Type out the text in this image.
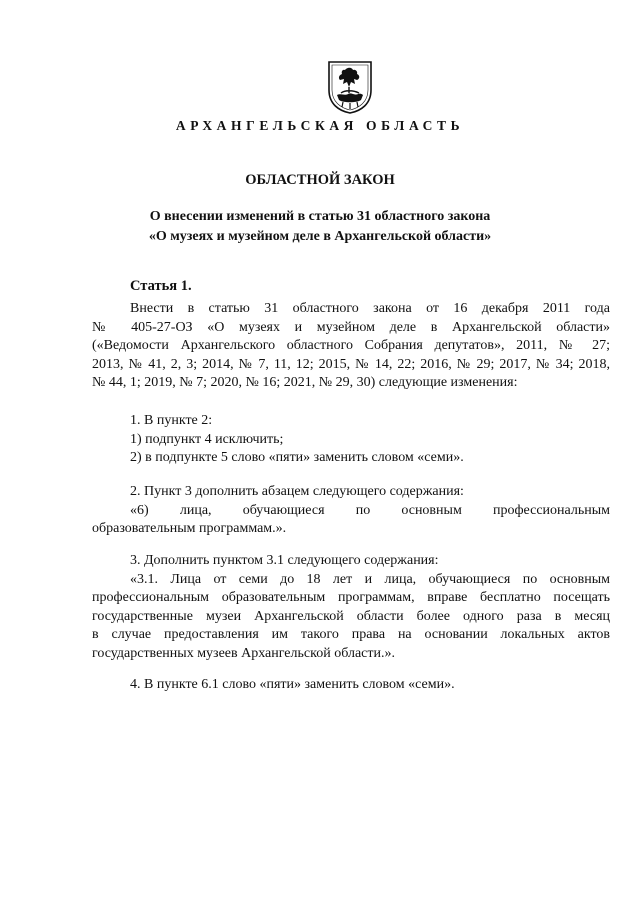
АРХАНГЕЛЬСКАЯ ОБЛАСТЬ
ОБЛАСТНОЙ ЗАКОН
О внесении изменений в статью 31 областного закона
«О музеях и музейном деле в Архангельской области»
Статья 1.

Внести в статью 31 областного закона от 16 декабря 2011 года

№ 405-27-ОЗ «О музеях и музейном деле в Архангельской области»

(«Ведомости Архангельского областного Собрания депутатов», 2011, № 27;

2013, № 41, 2, 3; 2014, № 7, 11, 12; 2015, № 14, 22; 2016, № 29; 2017, № 34; 2018,

№ 44, 1; 2019, № 7; 2020, № 16; 2021, № 29, 30) следующие изменения:

1. В пункте 2:

1) подпункт 4 исключить;

2) в подпункте 5 слово «пяти» заменить словом «семи».

2. Пункт 3 дополнить абзацем следующего содержания:

«6) лица, обучающиеся по основным профессиональным

образовательным программам.».

3. Дополнить пунктом 3.1 следующего содержания:

«3.1. Лица от семи до 18 лет и лица, обучающиеся по основным

профессиональным образовательным программам, вправе бесплатно посещать

государственные музеи Архангельской области более одного раза в месяц

в случае предоставления им такого права на основании локальных актов

государственных музеев Архангельской области.».

4. В пункте 6.1 слово «пяти» заменить словом «семи».
